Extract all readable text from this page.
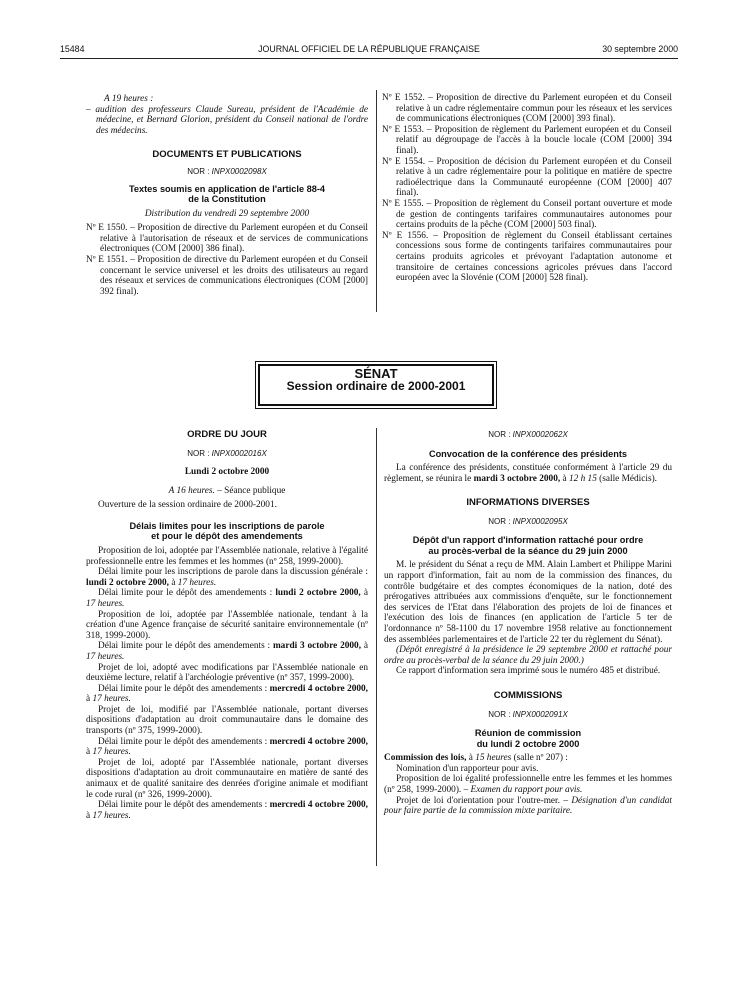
15484	JOURNAL OFFICIEL DE LA RÉPUBLIQUE FRANÇAISE	30 septembre 2000

A 19 heures :

– audition des professeurs Claude Sureau, président de l'Académie de médecine, et Bernard Glorion, président du Conseil national de l'ordre des médecins.

DOCUMENTS ET PUBLICATIONS

NOR : INPX0002098X

Textes soumis en application de l'article 88-4

de la Constitution

Distribution du vendredi 29 septembre 2000

Nº E 1550. – Proposition de directive du Parlement européen et du Conseil relative à l'autorisation de réseaux et de services de communications électroniques (COM [2000] 386 final).

Nº E 1551. – Proposition de directive du Parlement européen et du Conseil concernant le service universel et les droits des utilisateurs au regard des réseaux et services de communications électroniques (COM [2000] 392 final).

Nº E 1552. – Proposition de directive du Parlement européen et du Conseil relative à un cadre réglementaire commun pour les réseaux et les services de communications électroniques (COM [2000] 393 final).

Nº E 1553. – Proposition de règlement du Parlement européen et du Conseil relatif au dégroupage de l'accès à la boucle locale (COM [2000] 394 final).

Nº E 1554. – Proposition de décision du Parlement européen et du Conseil relative à un cadre réglementaire pour la politique en matière de spectre radioélectrique dans la Communauté européenne (COM [2000] 407 final).

Nº E 1555. – Proposition de règlement du Conseil portant ouverture et mode de gestion de contingents tarifaires communautaires autonomes pour certains produits de la pêche (COM [2000] 503 final).

Nº E 1556. – Proposition de règlement du Conseil établissant certaines concessions sous forme de contingents tarifaires communautaires pour certains produits agricoles et prévoyant l'adaptation autonome et transitoire de certaines concessions agricoles prévues dans l'accord européen avec la Slovénie (COM [2000] 528 final).

SÉNAT
Session ordinaire de 2000-2001

ORDRE DU JOUR

NOR : INPX0002016X

Lundi 2 octobre 2000

A 16 heures. – Séance publique

Ouverture de la session ordinaire de 2000-2001.

Délais limites pour les inscriptions de parole

et pour le dépôt des amendements

Proposition de loi, adoptée par l'Assemblée nationale, relative à l'égalité professionnelle entre les femmes et les hommes (nº 258, 1999-2000).

Délai limite pour les inscriptions de parole dans la discussion générale : lundi 2 octobre 2000, à 17 heures.

Délai limite pour le dépôt des amendements : lundi 2 octobre 2000, à 17 heures.

Proposition de loi, adoptée par l'Assemblée nationale, tendant à la création d'une Agence française de sécurité sanitaire environnementale (nº 318, 1999-2000).

Délai limite pour le dépôt des amendements : mardi 3 octobre 2000, à 17 heures.

Projet de loi, adopté avec modifications par l'Assemblée nationale en deuxième lecture, relatif à l'archéologie préventive (nº 357, 1999-2000).

Délai limite pour le dépôt des amendements : mercredi 4 octobre 2000, à 17 heures.

Projet de loi, modifié par l'Assemblée nationale, portant diverses dispositions d'adaptation au droit communautaire dans le domaine des transports (nº 375, 1999-2000).

Délai limite pour le dépôt des amendements : mercredi 4 octobre 2000, à 17 heures.

Projet de loi, adopté par l'Assemblée nationale, portant diverses dispositions d'adaptation au droit communautaire en matière de santé des animaux et de qualité sanitaire des denrées d'origine animale et modifiant le code rural (nº 326, 1999-2000).

Délai limite pour le dépôt des amendements : mercredi 4 octobre 2000, à 17 heures.

NOR : INPX0002062X

Convocation de la conférence des présidents

La conférence des présidents, constituée conformément à l'article 29 du règlement, se réunira le mardi 3 octobre 2000, à 12 h 15 (salle Médicis).

INFORMATIONS DIVERSES

NOR : INPX0002095X

Dépôt d'un rapport d'information rattaché pour ordre

au procès-verbal de la séance du 29 juin 2000

M. le président du Sénat a reçu de MM. Alain Lambert et Philippe Marini un rapport d'information, fait au nom de la commission des finances, du contrôle budgétaire et des comptes économiques de la nation, doté des prérogatives attribuées aux commissions d'enquête, sur le fonctionnement des services de l'Etat dans l'élaboration des projets de loi de finances et l'exécution des lois de finances (en application de l'article 5 ter de l'ordonnance nº 58-1100 du 17 novembre 1958 relative au fonctionnement des assemblées parlementaires et de l'article 22 ter du règlement du Sénat).

(Dépôt enregistré à la présidence le 29 septembre 2000 et rattaché pour ordre au procès-verbal de la séance du 29 juin 2000.)

Ce rapport d'information sera imprimé sous le numéro 485 et distribué.

COMMISSIONS

NOR : INPX0002091X

Réunion de commission

du lundi 2 octobre 2000

Commission des lois, à 15 heures (salle nº 207) :

Nomination d'un rapporteur pour avis.

Proposition de loi égalité professionnelle entre les femmes et les hommes (nº 258, 1999-2000). – Examen du rapport pour avis.

Projet de loi d'orientation pour l'outre-mer. – Désignation d'un candidat pour faire partie de la commission mixte paritaire.
